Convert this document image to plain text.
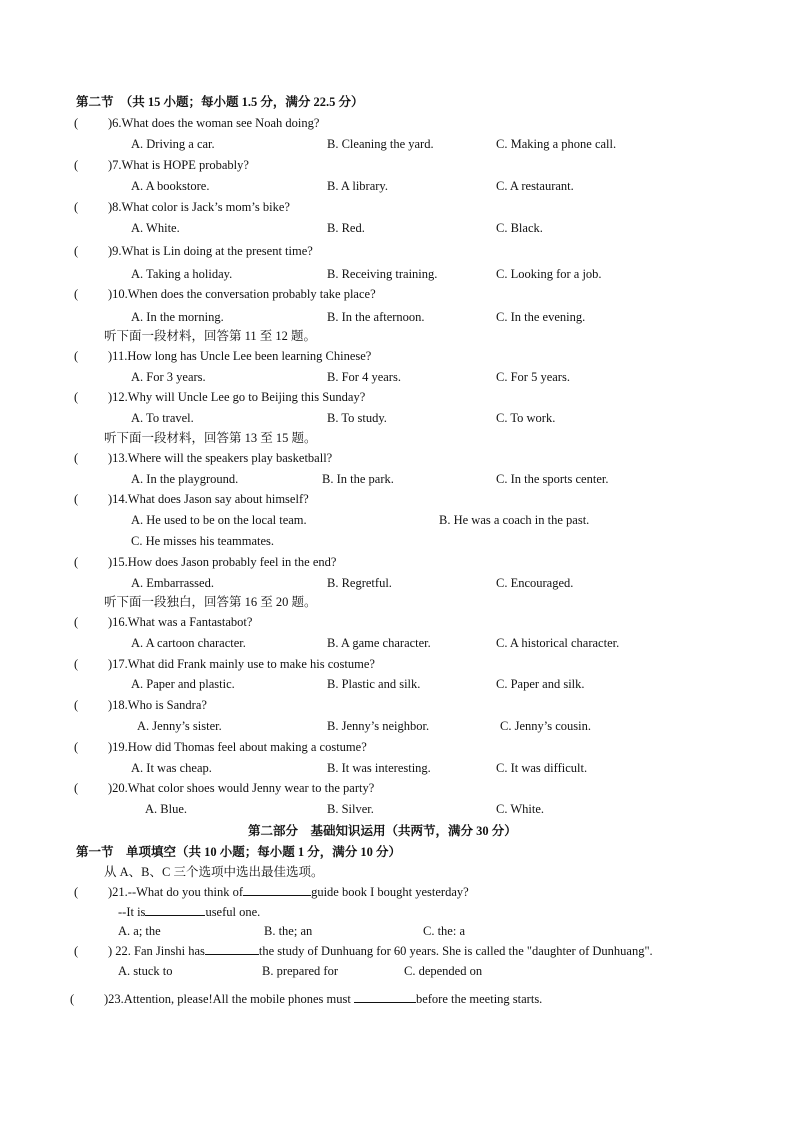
第二节　（共 15 小题；每小题 1.5 分，满分 22.5 分）
( )6.What does the woman see Noah doing?
A. Driving a car.	B. Cleaning the yard.	C. Making a phone call.
( )7.What is HOPE probably?
A. A bookstore.	B. A library.	C. A restaurant.
( )8.What color is Jack’s mom’s bike?
A. White.	B. Red.	C. Black.
( )9.What is Lin doing at the present time?
A. Taking a holiday.	B. Receiving training.	C. Looking for a job.
( )10.When does the conversation probably take place?
A. In the morning.	B. In the afternoon.	C. In the evening.
听下面一段材料，回答第 11 至 12 题。
( )11.How long has Uncle Lee been learning Chinese?
A. For 3 years.	B. For 4 years.	C. For 5 years.
( )12.Why will Uncle Lee go to Beijing this Sunday?
A. To travel.	B. To study.	C. To work.
听下面一段材料，回答第 13 至 15 题。
( )13.Where will the speakers play basketball?
A. In the playground.	B. In the park.	C. In the sports center.
( )14.What does Jason say about himself?
A. He used to be on the local team.	B. He was a coach in the past.
C. He misses his teammates.
( )15.How does Jason probably feel in the end?
A. Embarrassed.	B. Regretful.	C. Encouraged.
听下面一段独白，回答第 16 至 20 题。
( )16.What was a Fantastabot?
A. A cartoon character.	B. A game character.	C. A historical character.
( )17.What did Frank mainly use to make his costume?
A. Paper and plastic.	B. Plastic and silk.	C. Paper and silk.
( )18.Who is Sandra?
A. Jenny’s sister.	B. Jenny’s neighbor.	C. Jenny’s cousin.
( )19.How did Thomas feel about making a costume?
A. It was cheap.	B. It was interesting.	C. It was difficult.
( )20.What color shoes would Jenny wear to the party?
A. Blue.	B. Silver.	C. White.
第二部分　基础知识运用（共两节，满分 30 分）
第一节　单项填空（共 10 小题；每小题 1 分，满分 10 分）
从 A、B、C 三个选项中选出最佳选项。
( )21.--What do you think of	guide book I bought yesterday?
--It is	useful one.
A. a; the	B. the; an	C. the: a
( ) 22. Fan Jinshi has	the study of Dunhuang for 60 years. She is called the "daughter of Dunhuang".
A. stuck to	B. prepared for	C. depended on
( )23.Attention, please!All the mobile phones must	before the meeting starts.
